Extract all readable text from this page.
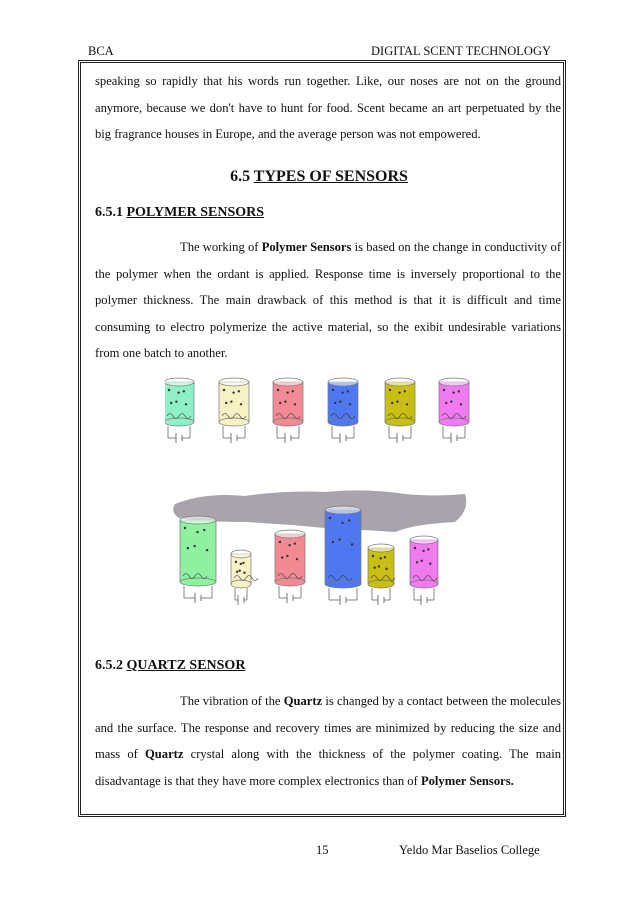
BCA	DIGITAL SCENT TECHNOLOGY

speaking so rapidly that his words run together. Like, our noses are not on the ground anymore, because we don't have to hunt for food. Scent became an art perpetuated by the big fragrance houses in Europe, and the average person was not empowered.

6.5 TYPES OF SENSORS
6.5.1 POLYMER SENSORS

The working of Polymer Sensors is based on the change in conductivity of the polymer when the ordant is applied. Response time is inversely proportional to the polymer thickness. The main drawback of this method is that it is difficult and time consuming to electro polymerize the active material, so the exibit undesirable variations from one batch to another.

6.5.2 QUARTZ SENSOR

The vibration of the Quartz is changed by a contact between the molecules and the surface. The response and recovery times are minimized by reducing the size and mass of Quartz crystal along with the thickness of the polymer coating. The main disadvantage is that they have more complex electronics than of Polymer Sensors.

15	Yeldo Mar Baselios College
